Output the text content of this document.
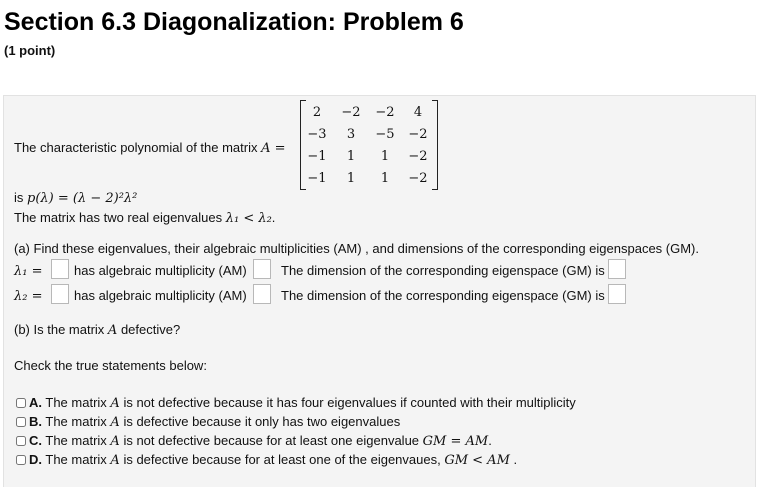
Section 6.3 Diagonalization: Problem 6
(1 point)
The characteristic polynomial of the matrix A =
2	−2	−2	4
−3	3	−5	−2
−1	1	1	−2
−1	1	1	−2
is p(λ) = (λ − 2)²λ²
The matrix has two real eigenvalues λ₁ < λ₂.
(a) Find these eigenvalues, their algebraic multiplicities (AM) , and dimensions of the corresponding eigenspaces (GM).
λ₁ = has algebraic multiplicity (AM)	The dimension of the corresponding eigenspace (GM) is
λ₂ = has algebraic multiplicity (AM)	The dimension of the corresponding eigenspace (GM) is
(b) Is the matrix A defective?
Check the true statements below:
A. The matrix A is not defective because it has four eigenvalues if counted with their multiplicity
B. The matrix A is defective because it only has two eigenvalues
C. The matrix A is not defective because for at least one eigenvalue GM = AM.
D. The matrix A is defective because for at least one of the eigenvaues, GM < AM .
